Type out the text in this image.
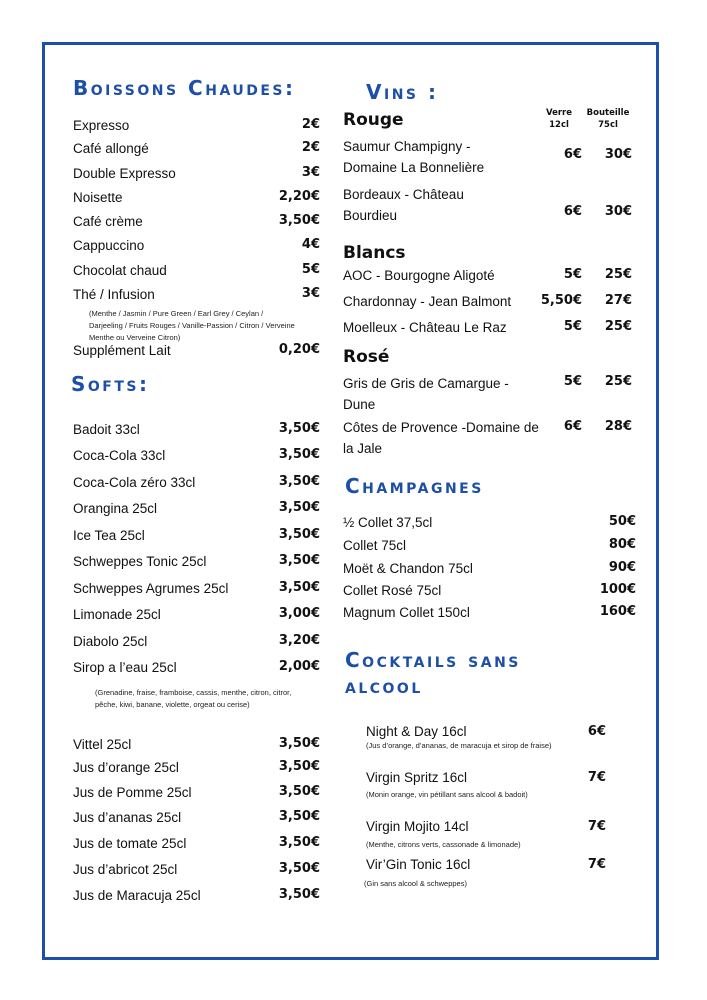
Boissons Chaudes:
Expresso	2€
Café allongé	2€
Double Expresso	3€
Noisette	2,20€
Café crème	3,50€
Cappuccino	4€
Chocolat chaud	5€
Thé / Infusion	3€
Supplément Lait	0,20€
(Menthe / Jasmin / Pure Green / Earl Grey / Ceylan / Darjeeling / Fruits Rouges / Vanille-Passion / Citron / Verveine Menthe ou Verveine Citron)
Softs:
Badoit 33cl	3,50€
Coca-Cola 33cl	3,50€
Coca-Cola zéro 33cl	3,50€
Orangina 25cl	3,50€
Ice Tea 25cl	3,50€
Schweppes Tonic 25cl	3,50€
Schweppes Agrumes 25cl	3,50€
Limonade 25cl	3,00€
Diabolo 25cl	3,20€
Sirop a l’eau 25cl	2,00€
Vittel 25cl	3,50€
Jus d’orange 25cl	3,50€
Jus de Pomme 25cl	3,50€
Jus d’ananas 25cl	3,50€
Jus de tomate 25cl	3,50€
Jus d’abricot 25cl	3,50€
Jus de Maracuja 25cl	3,50€
(Grenadine, fraise, framboise, cassis, menthe, citron, citror, pêche, kiwi, banane, violette, orgeat ou cerise)
Vins :
Verre 12cl
Bouteille 75cl
Rouge
Blancs
Rosé
Saumur Champigny - Domaine La Bonnelière
6€	30€
Bordeaux - Château Bourdieu	6€	30€
AOC - Bourgogne Aligoté	5€	25€
Chardonnay - Jean Balmont	5,50€	27€
Moelleux - Château Le Raz	5€	25€
Gris de Gris de Camargue - Dune
5€	25€
Côtes de Provence -Domaine de la Jale
6€	28€
Champagnes
½ Collet 37,5cl	50€
Collet 75cl	80€
Moët & Chandon 75cl	90€
Collet Rosé 75cl	100€
Magnum Collet 150cl	160€
Cocktails sans
alcool
Night & Day 16cl	6€
(Jus d’orange, d’ananas, de maracuja et sirop de fraise)
Virgin Spritz 16cl	7€
(Monin orange, vin pétillant sans alcool & badoit)
Virgin Mojito 14cl	7€
(Menthe, citrons verts, cassonade & limonade)
Vir’Gin Tonic 16cl	7€
(Gin sans alcool & schweppes)
